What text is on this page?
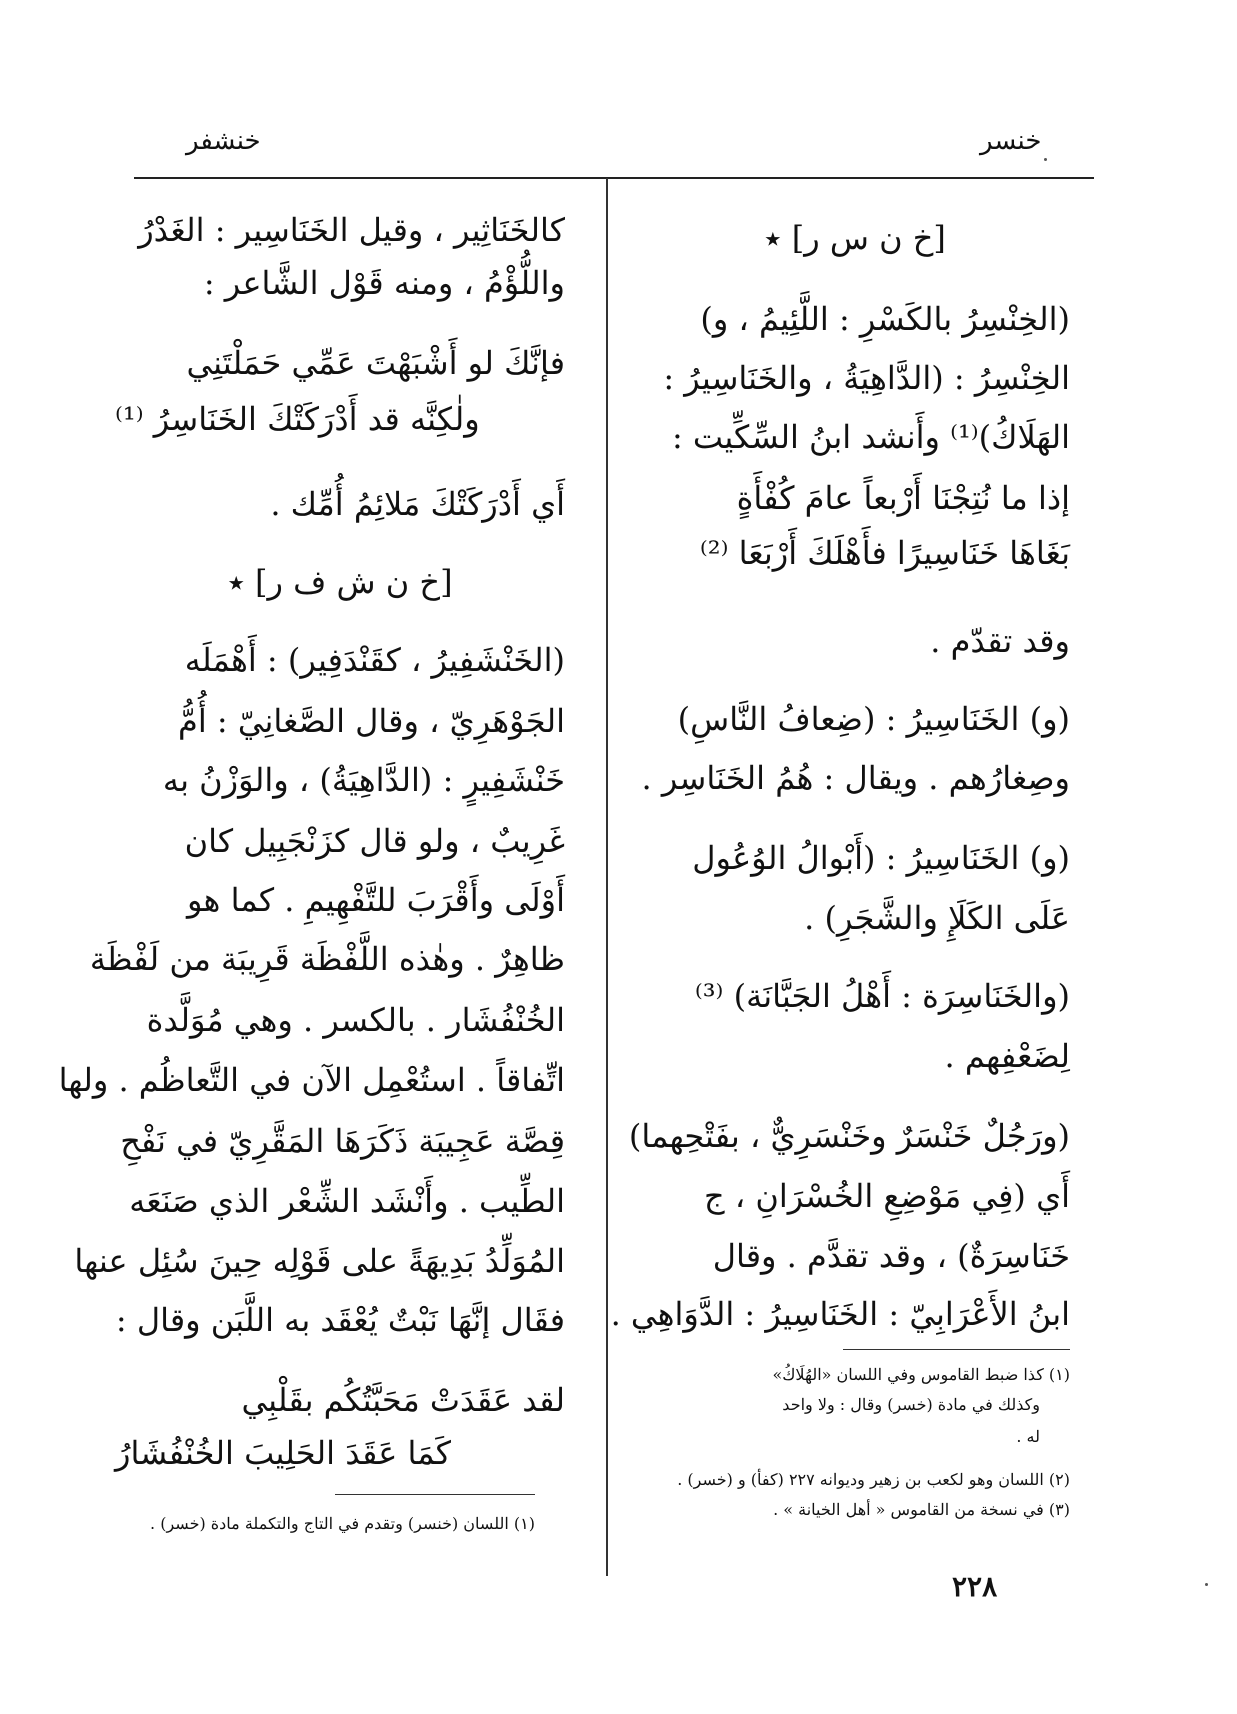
خنسر
خنشفر
[خ ن س ر] ٭
(الخِنْسِرُ بالكَسْرِ : اللَّئِيمُ ، و)
الخِنْسِرُ : (الدَّاهِيَةُ ، والخَنَاسِيرُ :
الهَلَاكُ)⁽¹⁾ وأَنشد ابنُ السِّكِّيت :
إذا ما نُتِجْنَا أَرْبعاً عامَ كُفْأَةٍ
بَغَاهَا خَنَاسِيرًا فأَهْلَكَ أَرْبَعَا ⁽²⁾
وقد تقدّم .
(و) الخَنَاسِيرُ : (ضِعافُ النَّاسِ)
وصِغارُهم . ويقال : هُمُ الخَنَاسِر .
(و) الخَنَاسِيرُ : (أَبْوالُ الوُعُول
عَلَى الكَلَإِ والشَّجَرِ) .
(والخَنَاسِرَة : أَهْلُ الجَبَّانَة) ⁽³⁾
لِضَعْفِهم .
(ورَجُلٌ خَنْسَرٌ وخَنْسَرِيٌّ ، بفَتْحِهما)
أَي (فِي مَوْضِعِ الخُسْرَانِ ، ج
خَنَاسِرَةٌ) ، وقد تقدَّم . وقال
ابنُ الأَعْرَابِيّ : الخَنَاسِيرُ : الدَّوَاهِي .
(١) كذا ضبط القاموس وفي اللسان «الهُلَاكُ»
وكذلك في مادة (خسر) وقال : ولا واحد
له .
(٢) اللسان وهو لكعب بن زهير وديوانه ٢٢٧ (كفأ) و (خسر) .
(٣) في نسخة من القاموس « أهل الخيانة » .
كالخَنَاثِير ، وقيل الخَنَاسِير : الغَدْرُ
واللُّؤْمُ ، ومنه قَوْل الشَّاعر :
فإنَّكَ لو أَشْبَهْتَ عَمِّي حَمَلْتَنِي
ولٰكِنَّه قد أَدْرَكَتْكَ الخَنَاسِرُ ⁽¹⁾
أَي أَدْرَكَتْكَ مَلائِمُ أُمِّك .
[خ ن ش ف ر] ٭
(الخَنْشَفِيرُ ، كقَنْدَفِير) : أَهْمَلَه
الجَوْهَرِيّ ، وقال الصَّغانِيّ : أُمُّ
خَنْشَفِيرٍ : (الدَّاهِيَةُ) ، والوَزْنُ به
غَرِيبٌ ، ولو قال كزَنْجَبِيل كان
أَوْلَى وأَقْرَبَ للتَّفْهِيمِ . كما هو
ظاهِرٌ . وهٰذه اللَّفْظَة قَرِيبَة من لَفْظَة
الخُنْفُشَار . بالكسر . وهي مُوَلَّدة
اتِّفاقاً . استُعْمِل الآن في التَّعاظُم . ولها
قِصَّة عَجِيبَة ذَكَرَهَا المَقَّرِيّ في نَفْحِ
الطِّيب . وأَنْشَد الشِّعْر الذي صَنَعَه
المُوَلِّدُ بَدِيهَةً على قَوْلِه حِينَ سُئِل عنها
فقَال إنَّهَا نَبْتٌ يُعْقَد به اللَّبَن وقال :
لقد عَقَدَتْ مَحَبَّتُكُم بقَلْبِي
كَمَا عَقَدَ الحَلِيبَ الخُنْفُشَارُ
(١) اللسان (خنسر) وتقدم في التاج والتكملة مادة (خسر) .
٢٢٨
